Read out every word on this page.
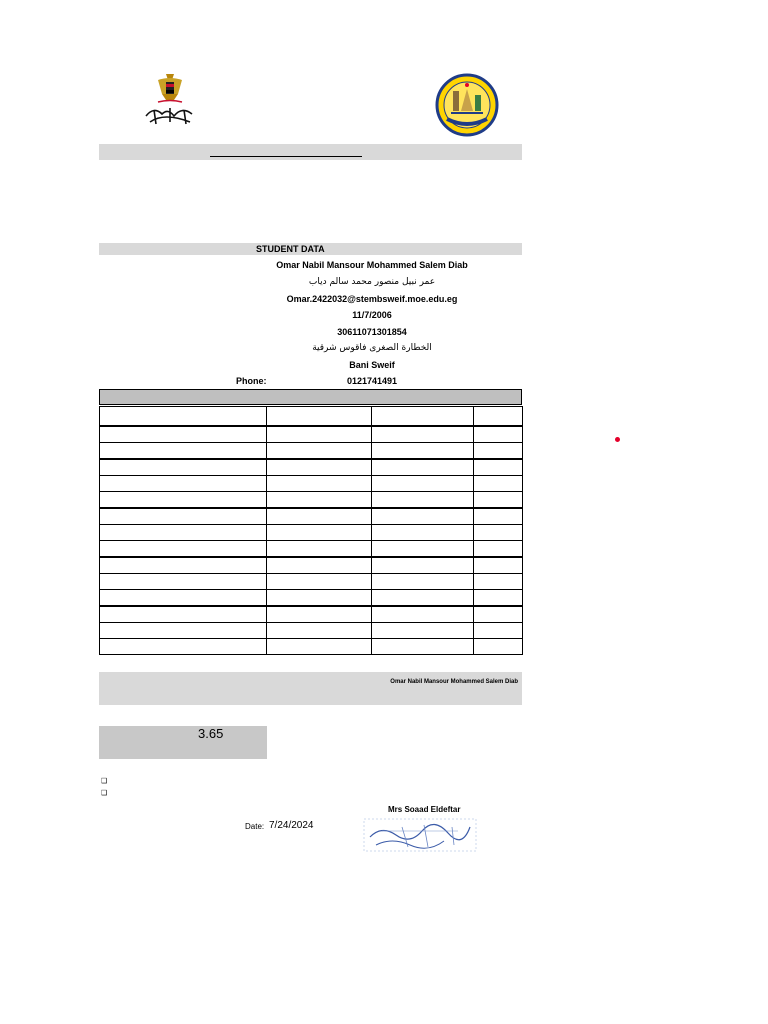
STUDENT DATA
Omar Nabil Mansour Mohammed Salem Diab
عمر نبيل منصور محمد سالم دياب
Omar.2422032@stembsweif.moe.edu.eg
11/7/2006
30611071301854
الخطارة الصغرى فاقوس شرقية
Bani Sweif
Phone:	0121741491

Omar Nabil Mansour Mohammed Salem Diab
3.65
❑
❑
Mrs Soaad Eldeftar
Date: 7/24/2024
